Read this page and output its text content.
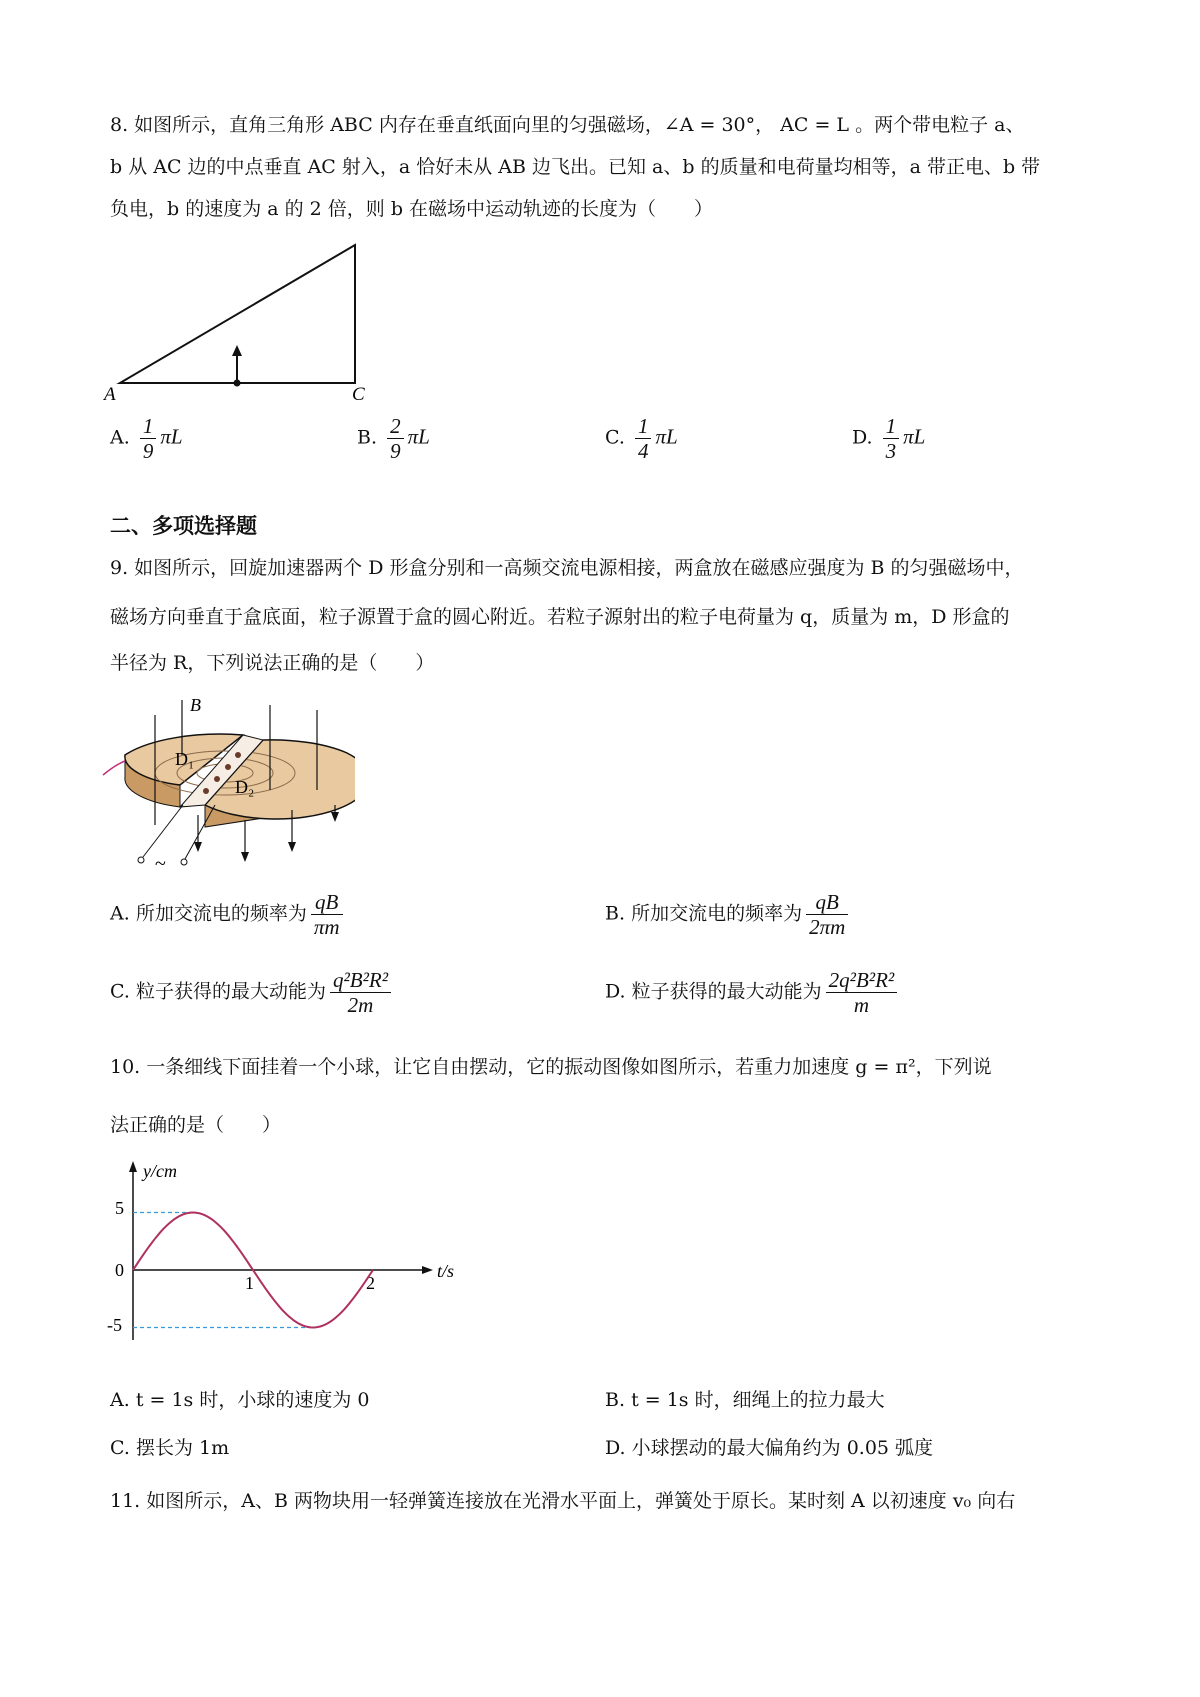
8. 如图所示，直角三角形 ABC 内存在垂直纸面向里的匀强磁场，∠A = 30°， AC = L 。两个带电粒子 a、
b 从 AC 边的中点垂直 AC 射入，a 恰好未从 AB 边飞出。已知 a、b 的质量和电荷量均相等，a 带正电、b 带
负电，b 的速度为 a 的 2 倍，则 b 在磁场中运动轨迹的长度为（　　）
A	C
A. $\frac{1}{9}$ πL	B. $\frac{2}{9}$ πL	C. $\frac{1}{4}$ πL	D. $\frac{1}{3}$ πL
二、多项选择题
9. 如图所示，回旋加速器两个 D 形盒分别和一高频交流电源相接，两盒放在磁感应强度为 B 的匀强磁场中，
磁场方向垂直于盒底面，粒子源置于盒的圆心附近。若粒子源射出的粒子电荷量为 q，质量为 m，D 形盒的
半径为 R，下列说法正确的是（　　）
B
D₁
D₂
~
A. 所加交流电的频率为 $\frac{qB}{\pi m}$	B. 所加交流电的频率为 $\frac{qB}{2\pi m}$
C. 粒子获得的最大动能为 $\frac{\text{q²B²R²}}{2m}$	D. 粒子获得的最大动能为 $\frac{\text{2q²B²R²}}{m}$
10. 一条细线下面挂着一个小球，让它自由摆动，它的振动图像如图所示，若重力加速度 g = π²，下列说
法正确的是（　　）
y/cm
t/s
5
0
-5
1	2
A. t = 1s 时，小球的速度为 0	B. t = 1s 时，细绳上的拉力最大
C. 摆长为 1m	D. 小球摆动的最大偏角约为 0.05 弧度
11. 如图所示，A、B 两物块用一轻弹簧连接放在光滑水平面上，弹簧处于原长。某时刻 A 以初速度 v₀ 向右
